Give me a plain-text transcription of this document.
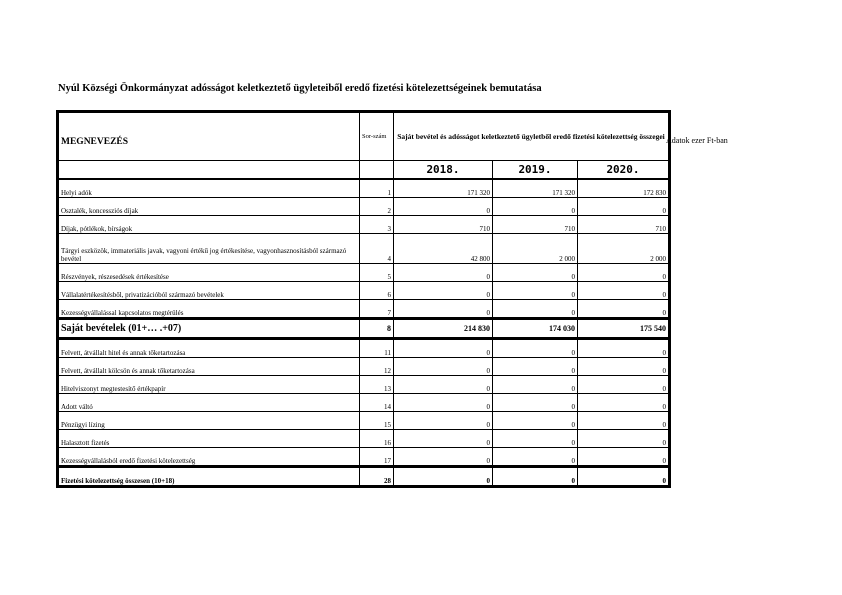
Nyúl Községi Önkormányzat adósságot keletkeztető ügyleteiből eredő fizetési kötelezettségeinek bemutatása
Adatok ezer Ft-ban
MEGNEVEZÉS	Sor-szám	Saját bevétel és adósságot keletkeztető ügyletből eredő fizetési kötelezettség összegei		
		2018.	2019.	2020.
Helyi adók	1	171 320	171 320	172 830
Osztalék, koncessziós díjak	2	0	0	0
Díjak, pótlékok, bírságok	3	710	710	710
Tárgyi eszközök, immateriális javak, vagyoni értékű jog értékesítése, vagyonhasznosításból származó bevétel	4	42 800	2 000	2 000
Részvények, részesedések értékesítése	5	0	0	0
Vállalatértékesítésből, privatizációból származó bevételek	6	0	0	0
Kezességvállalással kapcsolatos megtérülés	7	0	0	0
Saját bevételek (01+… .+07)	8	214 830	174 030	175 540
Felvett, átvállalt hitel és annak tőketartozása	11	0	0	0
Felvett, átvállalt kölcsön és annak tőketartozása	12	0	0	0
Hitelviszonyt megtestesítő értékpapír	13	0	0	0
Adott váltó	14	0	0	0
Pénzügyi lízing	15	0	0	0
Halasztott fizetés	16	0	0	0
Kezességvállalásból eredő fizetési kötelezettség	17	0	0	0
Fizetési kötelezettség összesen (10+18)	28	0	0	0
